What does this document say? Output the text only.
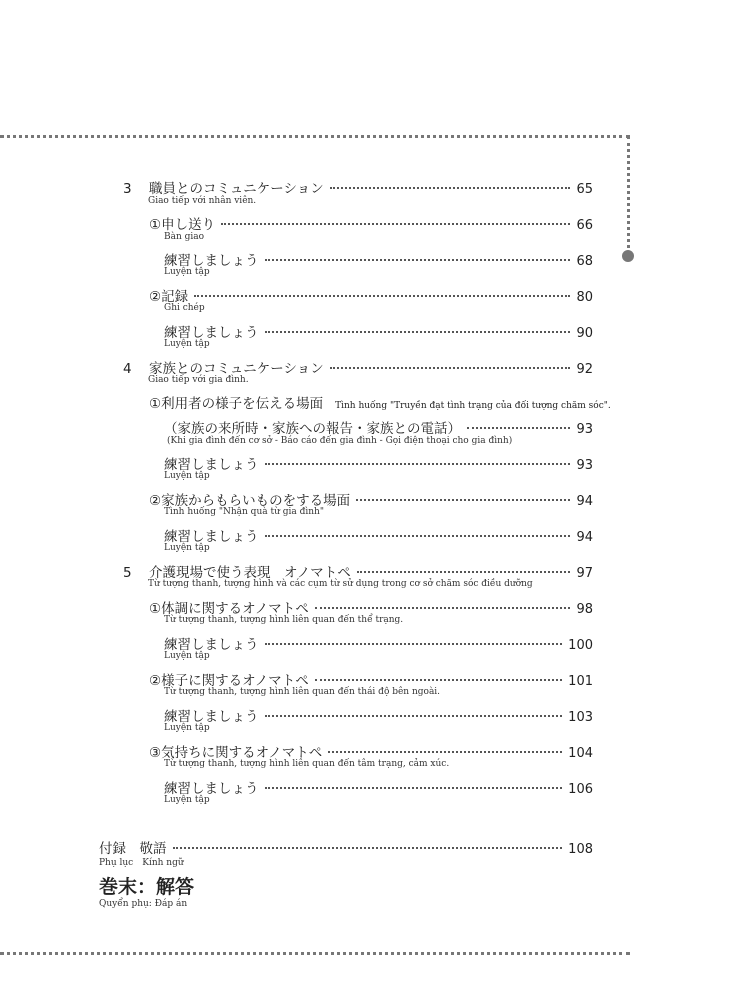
3	職員とのコミュニケーション	65
Giao tiếp với nhân viên.
①申し送り	66
Bàn giao
練習しましょう	68
Luyện tập
②記録	80
Ghi chép
練習しましょう	90
Luyện tập
4	家族とのコミュニケーション	92
Giao tiếp với gia đình.
①利用者の様子を伝える場面 Tình huống "Truyền đạt tình trạng của đối tượng chăm sóc".
（家族の来所時・家族への報告・家族との電話）	93
(Khi gia đình đến cơ sở - Báo cáo đến gia đình - Gọi điện thoại cho gia đình)
練習しましょう	93
Luyện tập
②家族からもらいものをする場面	94
Tình huống "Nhận quà từ gia đình"
練習しましょう	94
Luyện tập
5	介護現場で使う表現　オノマトペ	97
Từ tượng thanh, tượng hình và các cụm từ sử dụng trong cơ sở chăm sóc điều dưỡng
①体調に関するオノマトペ	98
Từ tượng thanh, tượng hình liên quan đến thể trạng.
練習しましょう	100
Luyện tập
②様子に関するオノマトペ	101
Từ tượng thanh, tượng hình liên quan đến thái độ bên ngoài.
練習しましょう	103
Luyện tập
③気持ちに関するオノマトペ	104
Từ tượng thanh, tượng hình liên quan đến tâm trạng, cảm xúc.
練習しましょう	106
Luyện tập
付録　敬語	108
Phụ lục　Kính ngữ
巻末：解答
Quyển phụ: Đáp án
